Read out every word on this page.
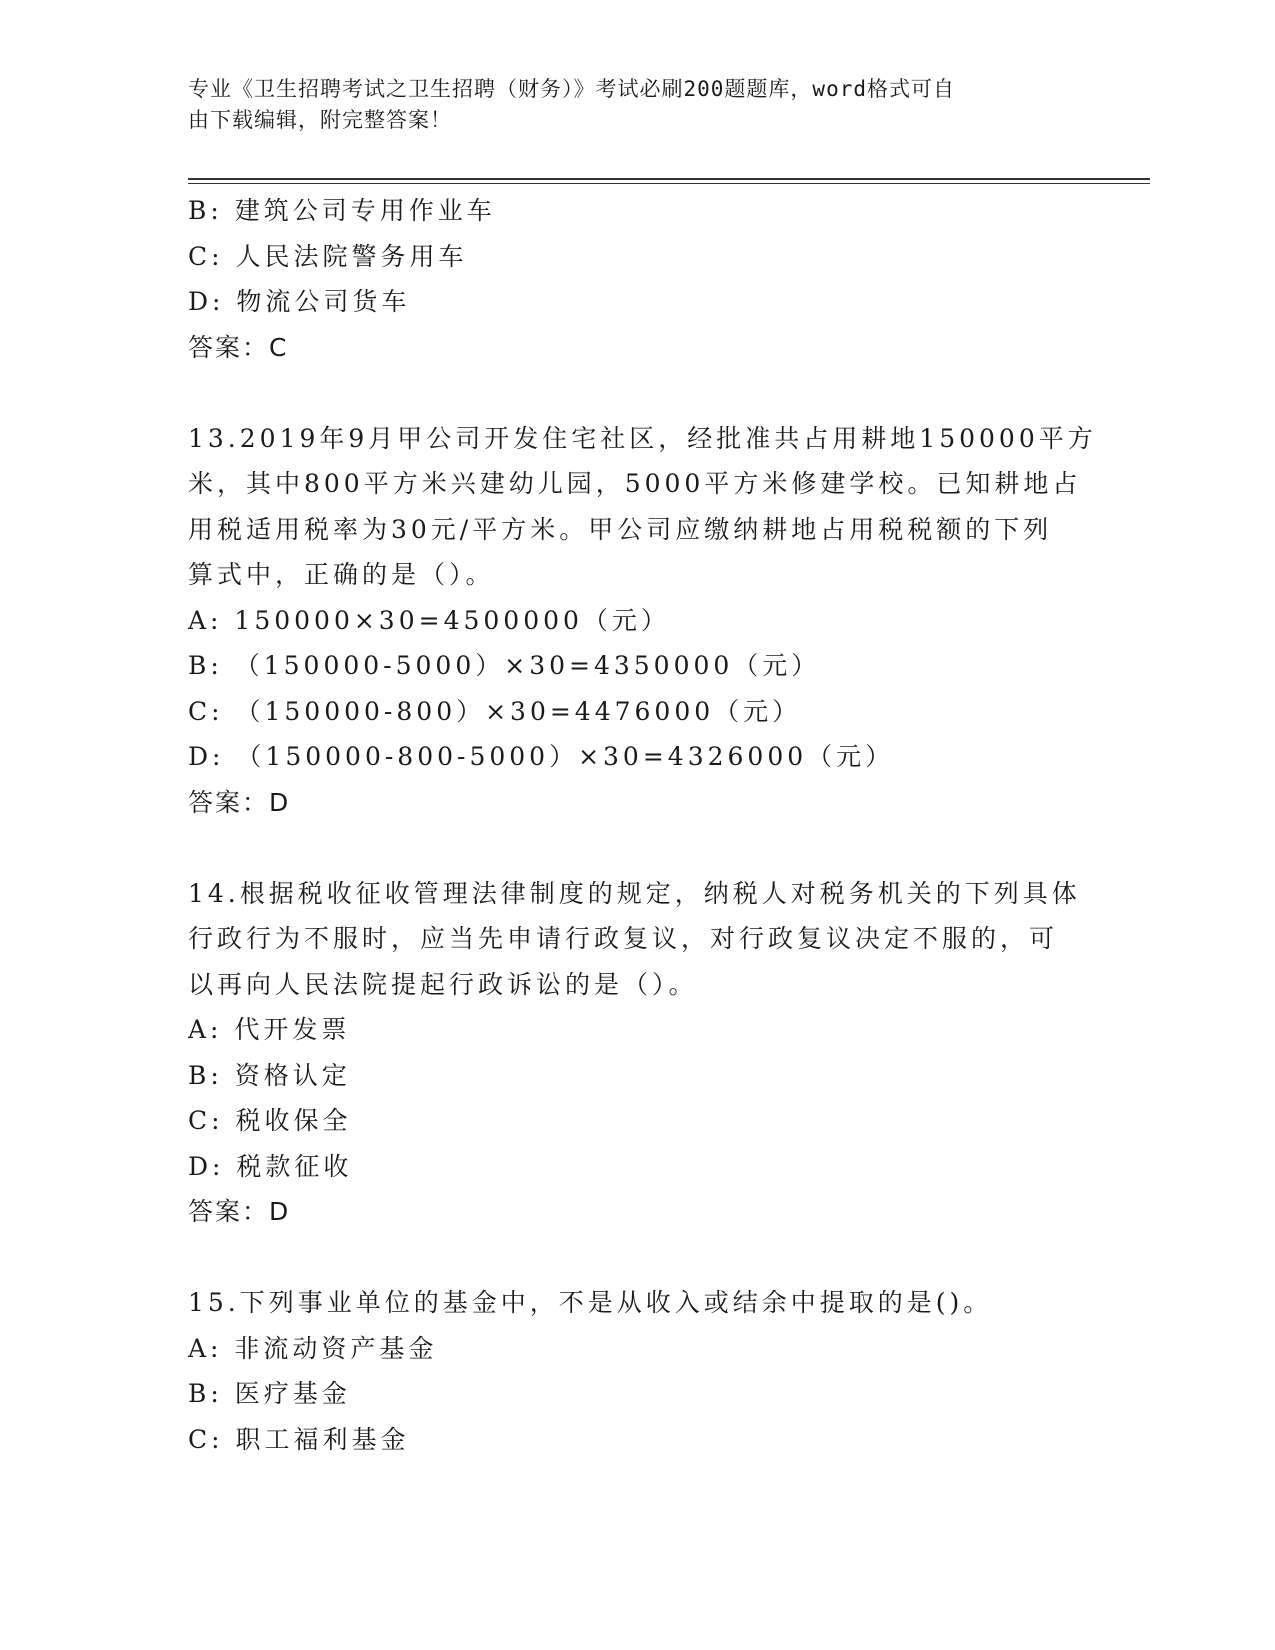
专业《卫生招聘考试之卫生招聘（财务）》考试必刷200题题库，word格式可自
由下载编辑，附完整答案！
B: 建筑公司专用作业车
C: 人民法院警务用车
D: 物流公司货车
答案：C
13.2019年9月甲公司开发住宅社区，经批准共占用耕地150000平方
米，其中800平方米兴建幼儿园，5000平方米修建学校。已知耕地占
用税适用税率为30元/平方米。甲公司应缴纳耕地占用税税额的下列
算式中，正确的是（）。
A: 150000×30=4500000（元）
B: （150000-5000）×30=4350000（元）
C: （150000-800）×30=4476000（元）
D: （150000-800-5000）×30=4326000（元）
答案：D
14.根据税收征收管理法律制度的规定，纳税人对税务机关的下列具体
行政行为不服时，应当先申请行政复议，对行政复议决定不服的，可
以再向人民法院提起行政诉讼的是（）。
A: 代开发票
B: 资格认定
C: 税收保全
D: 税款征收
答案：D
15.下列事业单位的基金中，不是从收入或结余中提取的是()。
A: 非流动资产基金
B: 医疗基金
C: 职工福利基金
